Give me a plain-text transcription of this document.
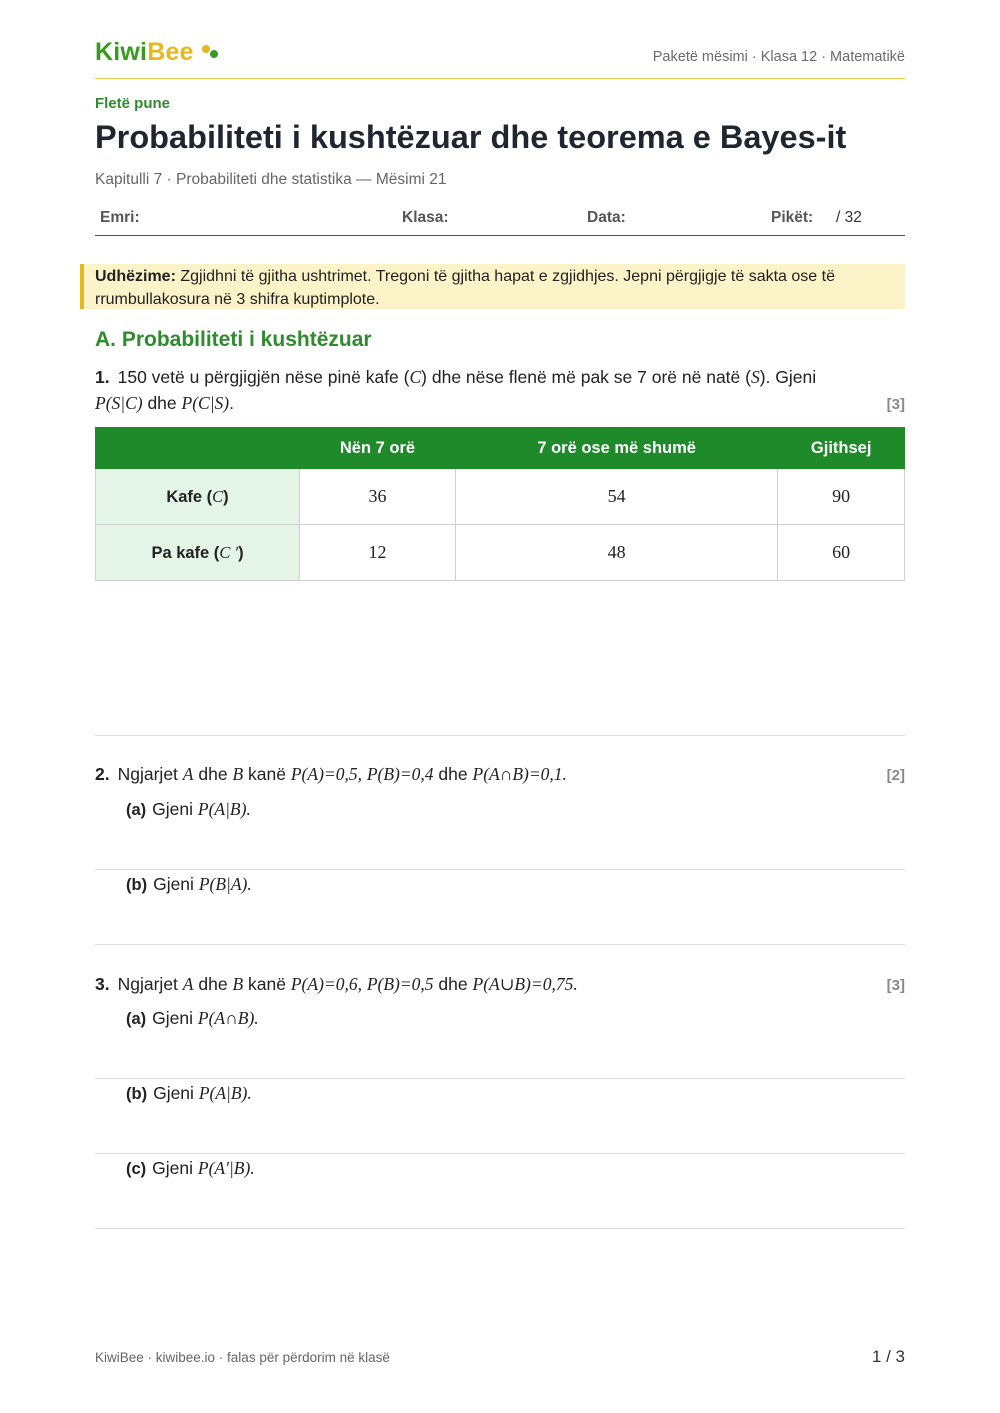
KiwiBee	Paketë mësimi · Klasa 12 · Matematikë
Fletë pune
Probabiliteti i kushtëzuar dhe teorema e Bayes-it
Kapitulli 7 · Probabiliteti dhe statistika — Mësimi 21
Emri:	Klasa:	Data:	Pikët: / 32
Udhëzime: Zgjidhni të gjitha ushtrimet. Tregoni të gjitha hapat e zgjidhjes. Jepni përgjigje të sakta ose të rrumbullakosura në 3 shifra kuptimplote.
A. Probabiliteti i kushtëzuar
1. 150 vetë u përgjigjën nëse pinë kafe (C) dhe nëse flenë më pak se 7 orë në natë (S). Gjeni
P(S|C) dhe P(C|S).	[3]
	Nën 7 orë	7 orë ose më shumë	Gjithsej
Kafe (C)	36	54	90
Pa kafe (C ′)	12	48	60
2. Ngjarjet A dhe B kanë P(A)=0,5, P(B)=0,4 dhe P(A∩B)=0,1.	[2]
(a) Gjeni P(A|B).
(b) Gjeni P(B|A).
3. Ngjarjet A dhe B kanë P(A)=0,6, P(B)=0,5 dhe P(A∪B)=0,75.	[3]
(a) Gjeni P(A∩B).
(b) Gjeni P(A|B).
(c) Gjeni P(A′|B).
KiwiBee · kiwibee.io · falas për përdorim në klasë	1 / 3
